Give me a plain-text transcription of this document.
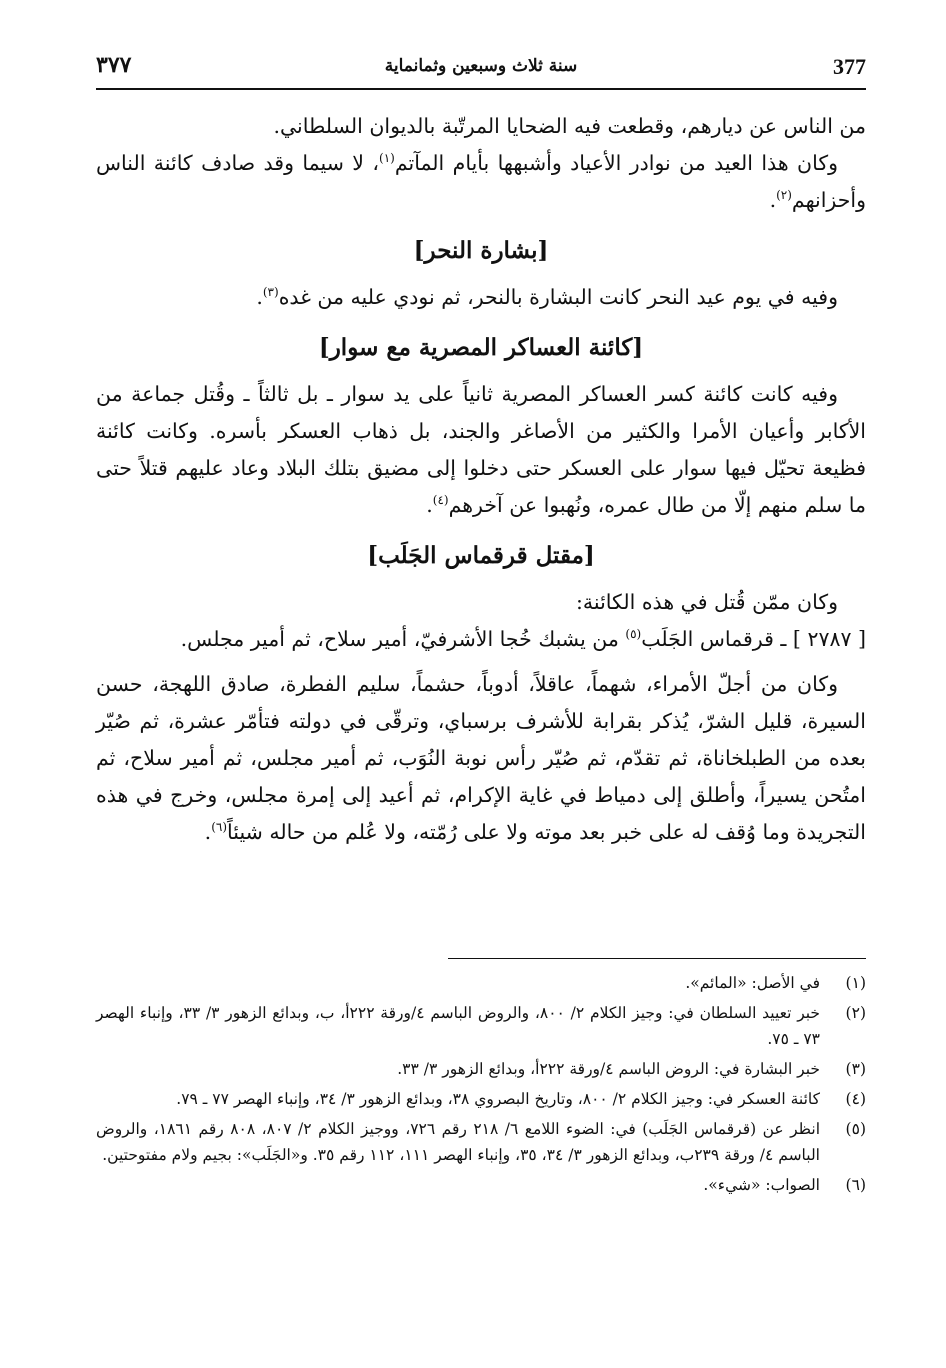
377
سنة ثلاث وسبعين وثمانماية
٣٧٧

من الناس عن ديارهم، وقطعت فيه الضحايا المرتّبة بالديوان السلطاني.

وكان هذا العيد من نوادر الأعياد وأشبهها بأيام المآتم$^{(١)}$، لا سيما وقد صادف كائنة الناس وأحزانهم$^{(٢)}$.

[بشارة النحر]

وفيه في يوم عيد النحر كانت البشارة بالنحر، ثم نودي عليه من غده$^{(٣)}$.

[كائنة العساكر المصرية مع سوار]

وفيه كانت كائنة كسر العساكر المصرية ثانياً على يد سوار ـ بل ثالثاً ـ وقُتل جماعة من الأكابر وأعيان الأمرا والكثير من الأصاغر والجند، بل ذهاب العسكر بأسره. وكانت كائنة فظيعة تحيّل فيها سوار على العسكر حتى دخلوا إلى مضيق بتلك البلاد وعاد عليهم قتلاً حتى ما سلم منهم إلّا من طال عمره، ونُهبوا عن آخرهم$^{(٤)}$.

[مقتل قرقماس الجَلَب]

وكان ممّن قُتل في هذه الكائنة:

[ ٢٧٨٧ ] ـ قرقماس الجَلَب$^{(٥)}$ من يشبك خُجا الأشرفيّ، أمير سلاح، ثم أمير مجلس.

وكان من أجلّ الأمراء، شهماً، عاقلاً، أدوباً، حشماً، سليم الفطرة، صادق اللهجة، حسن السيرة، قليل الشرّ، يُذكر بقرابة للأشرف برسباي، وترقّى في دولته فتأمّر عشرة، ثم صُيّر بعده من الطبلخاناة، ثم تقدّم، ثم صُيّر رأس نوبة النُوَب، ثم أمير مجلس، ثم أمير سلاح، ثم امتُحن يسيراً، وأطلق إلى دمياط في غاية الإكرام، ثم أعيد إلى إمرة مجلس، وخرج في هذه التجريدة وما وُقف له على خبر بعد موته ولا على رُمّته، ولا عُلم من حاله شيئاً$^{(٦)}$.

(١)
في الأصل: «المائم».
(٢)
خبر تعييد السلطان في: وجيز الكلام ٢/ ٨٠٠، والروض الباسم ٤/ورقة ٢٢٢أ، ب، وبدائع الزهور ٣/ ٣٣، وإنباء الهصر ٧٣ ـ ٧٥.
(٣)
خبر البشارة في: الروض الباسم ٤/ورقة ٢٢٢أ، وبدائع الزهور ٣/ ٣٣.
(٤)
كائنة العسكر في: وجيز الكلام ٢/ ٨٠٠، وتاريخ البصروي ٣٨، وبدائع الزهور ٣/ ٣٤، وإنباء الهصر ٧٧ ـ ٧٩.
(٥)
انظر عن (قرقماس الجَلَب) في: الضوء اللامع ٦/ ٢١٨ رقم ٧٢٦، ووجيز الكلام ٢/ ٨٠٧، ٨٠٨ رقم ١٨٦١، والروض الباسم ٤/ ورقة ٢٣٩ب، وبدائع الزهور ٣/ ٣٤، ٣٥، وإنباء الهصر ١١١، ١١٢ رقم ٣٥. و«الجَلَب»: بجيم ولام مفتوحتين.
(٦)
الصواب: «شيء».
